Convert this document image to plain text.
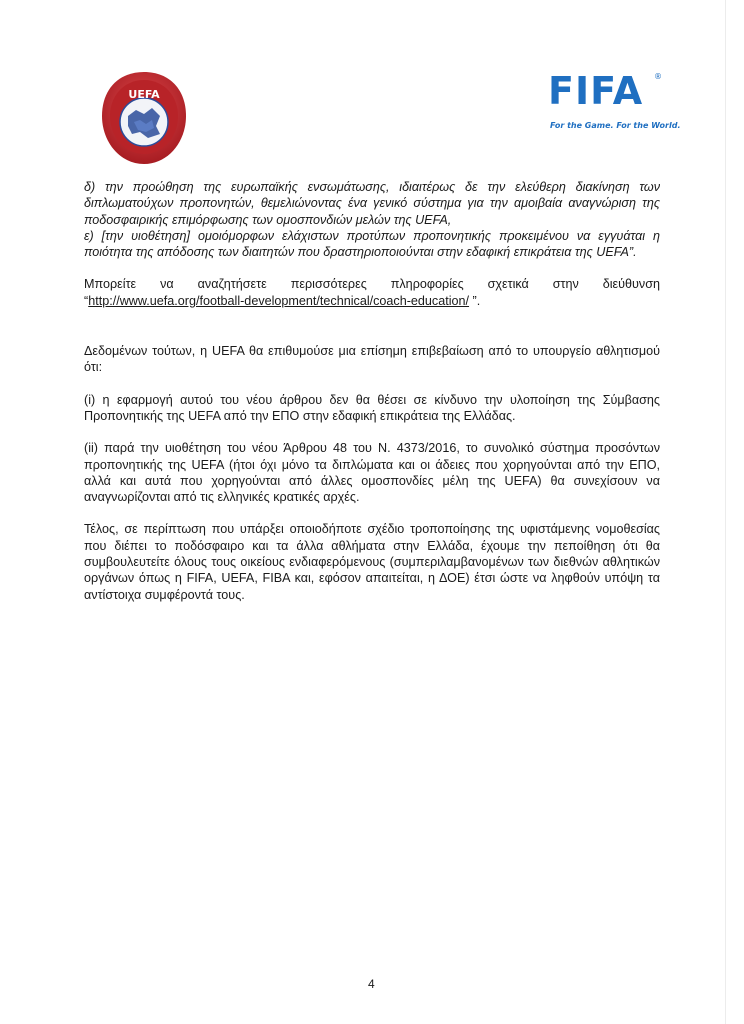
UEFA	FIFA ®
For the Game. For the World.

δ) την προώθηση της ευρωπαϊκής ενσωμάτωσης, ιδιαιτέρως δε την ελεύθερη διακίνηση των διπλωματούχων προπονητών, θεμελιώνοντας ένα γενικό σύστημα για την αμοιβαία αναγνώριση της ποδοσφαιρικής επιμόρφωσης των ομοσπονδιών μελών της UEFA,

ε) [την υιοθέτηση] ομοιόμορφων ελάχιστων προτύπων προπονητικής προκειμένου να εγγυάται η ποιότητα της απόδοσης των διαιτητών που δραστηριοποιούνται στην εδαφική επικράτεια της UEFA”.

Μπορείτε να αναζητήσετε περισσότερες πληροφορίες σχετικά στην διεύθυνση

“http://www.uefa.org/football-development/technical/coach-education/ ”.

Δεδομένων τούτων, η UEFA θα επιθυμούσε μια επίσημη επιβεβαίωση από το υπουργείο αθλητισμού ότι:

(i) η εφαρμογή αυτού του νέου άρθρου δεν θα θέσει σε κίνδυνο την υλοποίηση της Σύμβασης Προπονητικής της UEFA από την ΕΠΟ στην εδαφική επικράτεια της Ελλάδας.

(ii) παρά την υιοθέτηση του νέου Άρθρου 48 του Ν. 4373/2016, το συνολικό σύστημα προσόντων προπονητικής της UEFA (ήτοι όχι μόνο τα διπλώματα και οι άδειες που χορηγούνται από την ΕΠΟ, αλλά και αυτά που χορηγούνται από άλλες ομοσπονδίες μέλη της UEFA) θα συνεχίσουν να αναγνωρίζονται από τις ελληνικές κρατικές αρχές.

Τέλος, σε περίπτωση που υπάρξει οποιοδήποτε σχέδιο τροποποίησης της υφιστάμενης νομοθεσίας που διέπει το ποδόσφαιρο και τα άλλα αθλήματα στην Ελλάδα, έχουμε την πεποίθηση ότι θα συμβουλευτείτε όλους τους οικείους ενδιαφερόμενους (συμπεριλαμβανομένων των διεθνών αθλητικών οργάνων όπως η FIFA, UEFA, FIBA και, εφόσον απαιτείται, η ΔΟΕ) έτσι ώστε να ληφθούν υπόψη τα αντίστοιχα συμφέροντά τους.

4
